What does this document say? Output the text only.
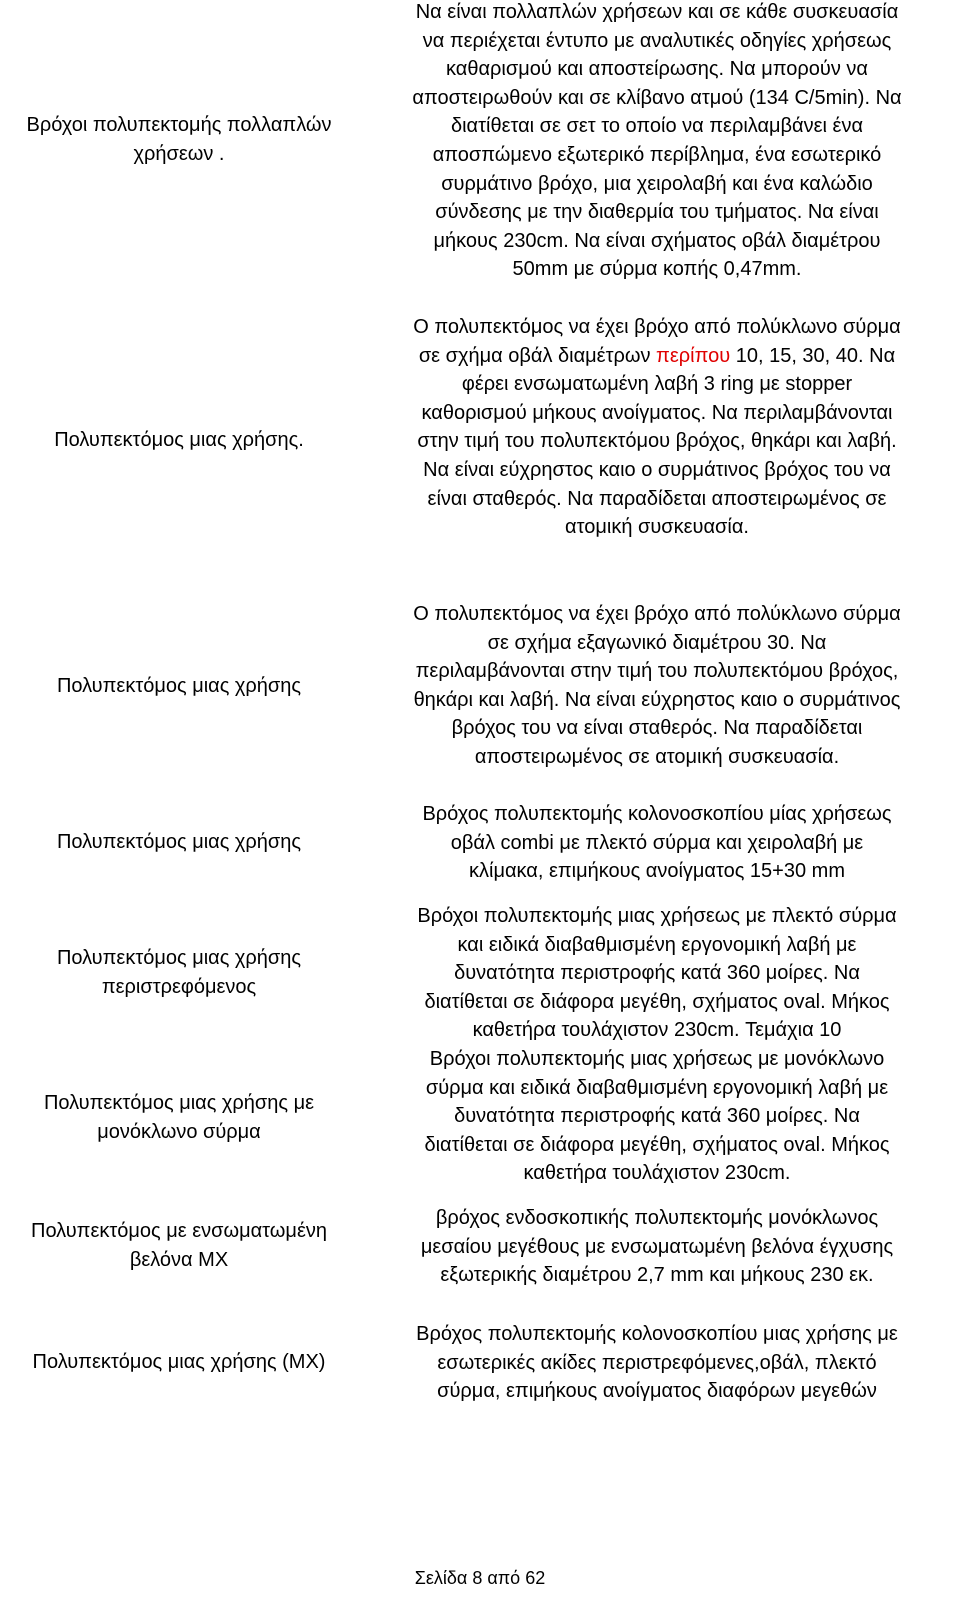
Βρόχοι πολυπεκτομής πολλαπλών
χρήσεων .
Να είναι πολλαπλών χρήσεων και σε κάθε συσκευασία
να περιέχεται έντυπο με αναλυτικές οδηγίες χρήσεως
καθαρισμού και αποστείρωσης. Να μπορούν να
αποστειρωθούν και σε κλίβανο ατμού (134 C/5min). Να
διατίθεται σε σετ το οποίο να περιλαμβάνει ένα
αποσπώμενο εξωτερικό περίβλημα, ένα εσωτερικό
συρμάτινο βρόχο, μια χειρολαβή και ένα καλώδιο
σύνδεσης με την διαθερμία του τμήματος. Να είναι
μήκους 230cm. Να είναι σχήματος οβάλ διαμέτρου
50mm με σύρμα κοπής 0,47mm.
Πολυπεκτόμος μιας χρήσης.
Ο πολυπεκτόμος να έχει βρόχο από πολύκλωνο σύρμα
σε σχήμα οβάλ διαμέτρων περίπου 10, 15, 30, 40. Να
φέρει ενσωματωμένη λαβή 3 ring με stopper
καθορισμού μήκους ανοίγματος. Να περιλαμβάνονται
στην τιμή του πολυπεκτόμου βρόχος, θηκάρι και λαβή.
Να είναι εύχρηστος καιο ο συρμάτινος βρόχος του να
είναι σταθερός. Να παραδίδεται αποστειρωμένος σε
ατομική συσκευασία.
Πολυπεκτόμος μιας χρήσης
Ο πολυπεκτόμος να έχει βρόχο από πολύκλωνο σύρμα
σε σχήμα εξαγωνικό διαμέτρου 30. Να
περιλαμβάνονται στην τιμή του πολυπεκτόμου βρόχος,
θηκάρι και λαβή. Να είναι εύχρηστος καιο ο συρμάτινος
βρόχος του να είναι σταθερός. Να παραδίδεται
αποστειρωμένος σε ατομική συσκευασία.
Πολυπεκτόμος μιας χρήσης
Βρόχος πολυπεκτομής κολονοσκοπίου μίας χρήσεως
οβάλ combi με πλεκτό σύρμα και χειρολαβή με
κλίμακα, επιμήκους ανοίγματος 15+30 mm
Πολυπεκτόμος μιας χρήσης
περιστρεφόμενος
Βρόχοι πολυπεκτομής μιας χρήσεως με πλεκτό σύρμα
και ειδικά διαβαθμισμένη εργονομική λαβή με
δυνατότητα περιστροφής κατά 360 μοίρες. Να
διατίθεται σε διάφορα μεγέθη, σχήματος oval. Μήκος
καθετήρα τουλάχιστον 230cm. Τεμάχια 10
Πολυπεκτόμος μιας χρήσης με
μονόκλωνο σύρμα
Βρόχοι πολυπεκτομής μιας χρήσεως με μονόκλωνο
σύρμα και ειδικά διαβαθμισμένη εργονομική λαβή με
δυνατότητα περιστροφής κατά 360 μοίρες. Να
διατίθεται σε διάφορα μεγέθη, σχήματος oval. Μήκος
καθετήρα τουλάχιστον 230cm.
Πολυπεκτόμος με ενσωματωμένη
βελόνα ΜΧ
βρόχος ενδοσκοπικής πολυπεκτομής μονόκλωνος
μεσαίου μεγέθους με ενσωματωμένη βελόνα έγχυσης
εξωτερικής διαμέτρου 2,7 mm και μήκους 230 εκ.
Πολυπεκτόμος μιας χρήσης (ΜΧ)
Βρόχος πολυπεκτομής κολονοσκοπίου μιας χρήσης με
εσωτερικές ακίδες περιστρεφόμενες,οβάλ, πλεκτό
σύρμα, επιμήκους ανοίγματος διαφόρων μεγεθών
Σελίδα 8 από 62
